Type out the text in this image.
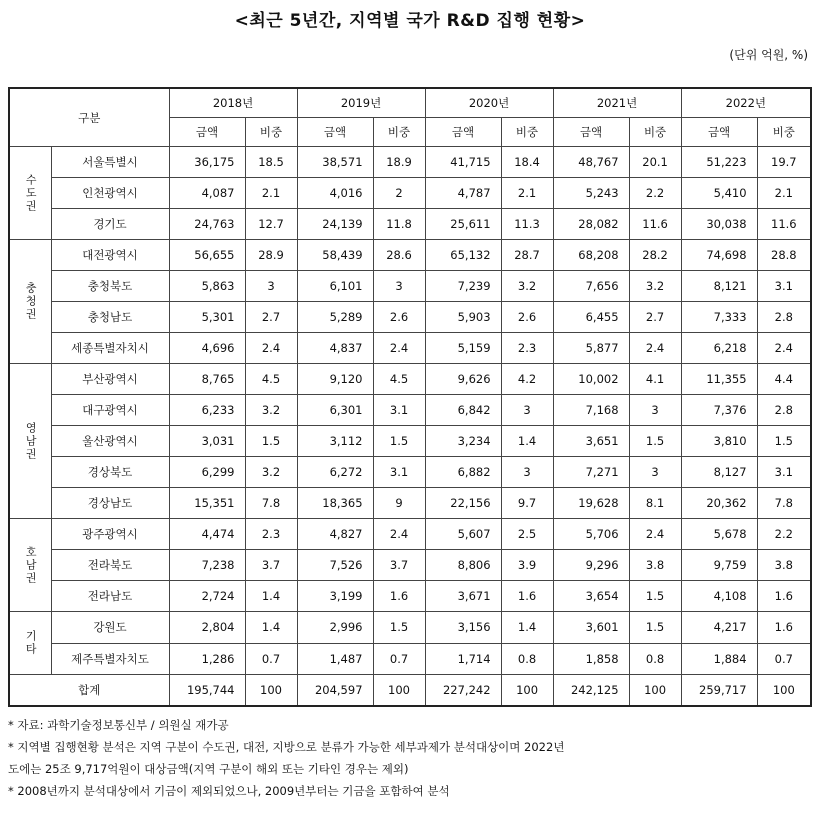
<최근 5년간, 지역별 국가 R&D 집행 현황>
(단위 억원, %)
구분		2018년		2019년		2020년		2021년		2022년	
		금액	비중	금액	비중	금액	비중	금액	비중	금액	비중
수도권	서울특별시	36,175	18.5	38,571	18.9	41,715	18.4	48,767	20.1	51,223	19.7
	인천광역시	4,087	2.1	4,016	2	4,787	2.1	5,243	2.2	5,410	2.1
	경기도	24,763	12.7	24,139	11.8	25,611	11.3	28,082	11.6	30,038	11.6
충청권	대전광역시	56,655	28.9	58,439	28.6	65,132	28.7	68,208	28.2	74,698	28.8
	충청북도	5,863	3	6,101	3	7,239	3.2	7,656	3.2	8,121	3.1
	충청남도	5,301	2.7	5,289	2.6	5,903	2.6	6,455	2.7	7,333	2.8
	세종특별자치시	4,696	2.4	4,837	2.4	5,159	2.3	5,877	2.4	6,218	2.4
영남권	부산광역시	8,765	4.5	9,120	4.5	9,626	4.2	10,002	4.1	11,355	4.4
	대구광역시	6,233	3.2	6,301	3.1	6,842	3	7,168	3	7,376	2.8
	울산광역시	3,031	1.5	3,112	1.5	3,234	1.4	3,651	1.5	3,810	1.5
	경상북도	6,299	3.2	6,272	3.1	6,882	3	7,271	3	8,127	3.1
	경상남도	15,351	7.8	18,365	9	22,156	9.7	19,628	8.1	20,362	7.8
호남권	광주광역시	4,474	2.3	4,827	2.4	5,607	2.5	5,706	2.4	5,678	2.2
	전라북도	7,238	3.7	7,526	3.7	8,806	3.9	9,296	3.8	9,759	3.8
	전라남도	2,724	1.4	3,199	1.6	3,671	1.6	3,654	1.5	4,108	1.6
기타	강원도	2,804	1.4	2,996	1.5	3,156	1.4	3,601	1.5	4,217	1.6
	제주특별자치도	1,286	0.7	1,487	0.7	1,714	0.8	1,858	0.8	1,884	0.7
합계		195,744	100	204,597	100	227,242	100	242,125	100	259,717	100
* 자료: 과학기술정보통신부 / 의원실 재가공
* 지역별 집행현황 분석은 지역 구분이 수도권, 대전, 지방으로 분류가 가능한 세부과제가 분석대상이며 2022년
도에는 25조 9,717억원이 대상금액(지역 구분이 해외 또는 기타인 경우는 제외)
* 2008년까지 분석대상에서 기금이 제외되었으나, 2009년부터는 기금을 포함하여 분석
